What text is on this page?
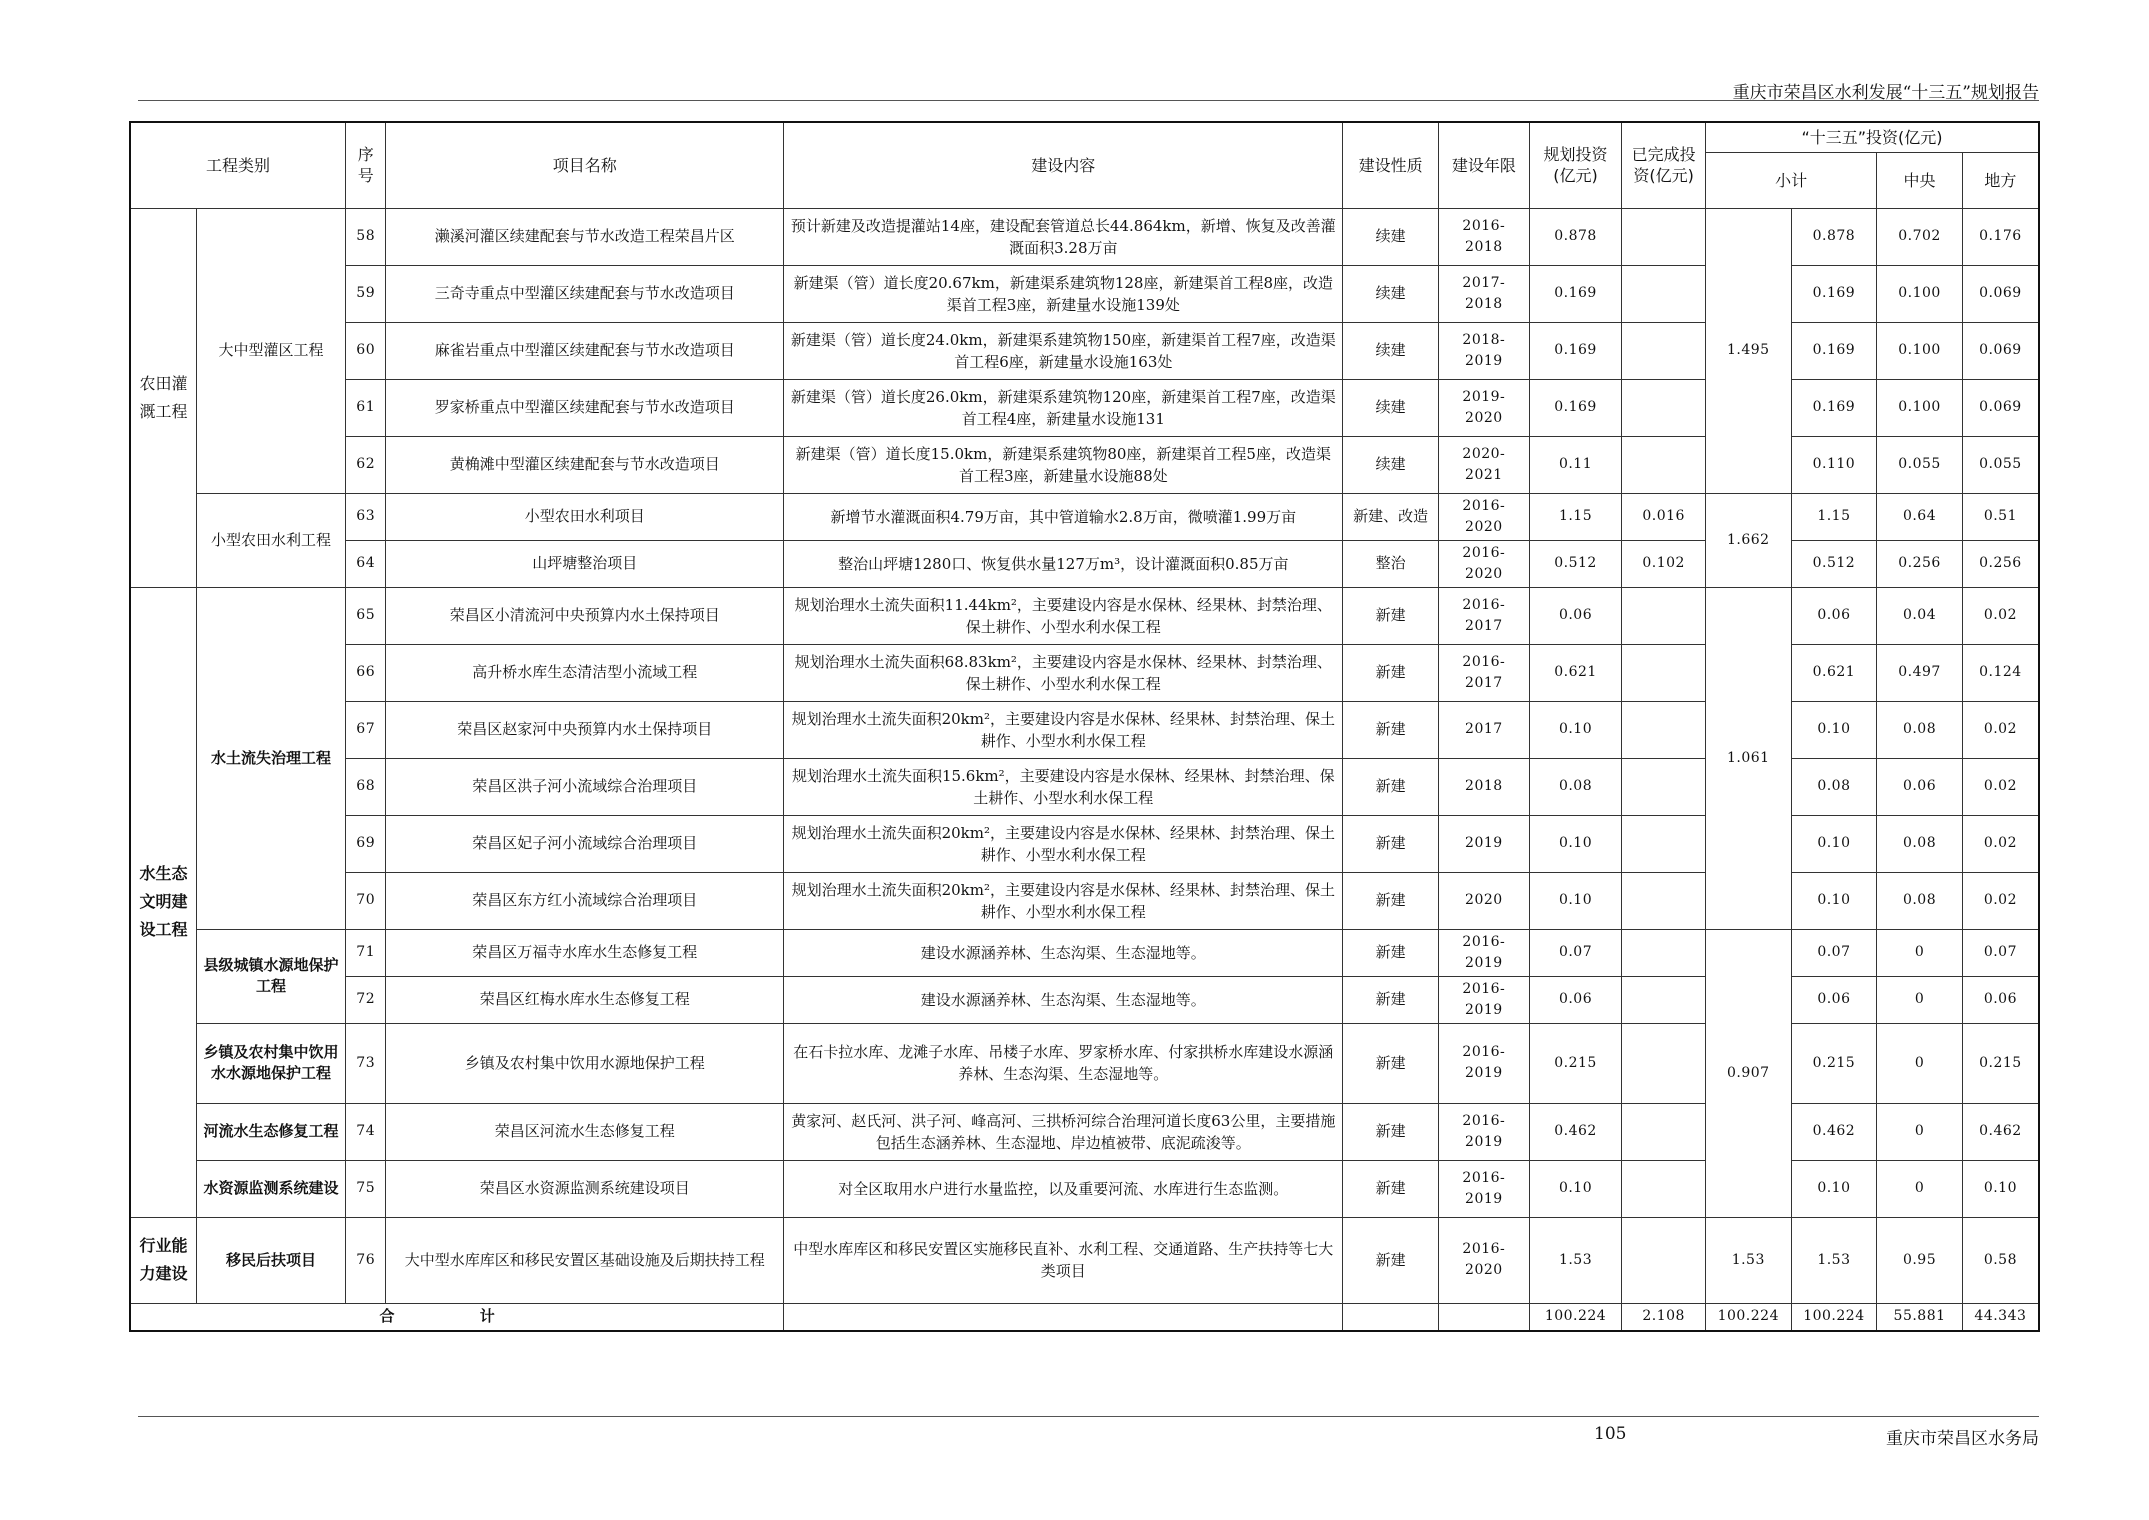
重庆市荣昌区水利发展“十三五”规划报告
工程类别		序号	项目名称	建设内容	建设性质	建设年限	规划投资(亿元)	已完成投资(亿元)	“十三五”投资(亿元)			
									小计		中央	地方
农田灌溉工程	大中型灌区工程	58	濑溪河灌区续建配套与节水改造工程荣昌片区	预计新建及改造提灌站14座，建设配套管道总长44.864km，新增、恢复及改善灌溉面积3.28万亩	续建	2016-2018	0.878		1.495	0.878	0.702	0.176
		59	三奇寺重点中型灌区续建配套与节水改造项目	新建渠（管）道长度20.67km，新建渠系建筑物128座，新建渠首工程8座，改造渠首工程3座，新建量水设施139处	续建	2017-2018	0.169			0.169	0.100	0.069
		60	麻雀岩重点中型灌区续建配套与节水改造项目	新建渠（管）道长度24.0km，新建渠系建筑物150座，新建渠首工程7座，改造渠首工程6座，新建量水设施163处	续建	2018-2019	0.169			0.169	0.100	0.069
		61	罗家桥重点中型灌区续建配套与节水改造项目	新建渠（管）道长度26.0km，新建渠系建筑物120座，新建渠首工程7座，改造渠首工程4座，新建量水设施131	续建	2019-2020	0.169			0.169	0.100	0.069
		62	黄桷滩中型灌区续建配套与节水改造项目	新建渠（管）道长度15.0km，新建渠系建筑物80座，新建渠首工程5座，改造渠首工程3座，新建量水设施88处	续建	2020-2021	0.11			0.110	0.055	0.055
	小型农田水利工程	63	小型农田水利项目	新增节水灌溉面积4.79万亩，其中管道输水2.8万亩，微喷灌1.99万亩	新建、改造	2016-2020	1.15	0.016	1.662	1.15	0.64	0.51
		64	山坪塘整治项目	整治山坪塘1280口、恢复供水量127万m³，设计灌溉面积0.85万亩	整治	2016-2020	0.512	0.102		0.512	0.256	0.256
水生态文明建设工程	水土流失治理工程	65	荣昌区小清流河中央预算内水土保持项目	规划治理水土流失面积11.44km²，主要建设内容是水保林、经果林、封禁治理、保土耕作、小型水利水保工程	新建	2016-2017	0.06		1.061	0.06	0.04	0.02
		66	高升桥水库生态清洁型小流域工程	规划治理水土流失面积68.83km²，主要建设内容是水保林、经果林、封禁治理、保土耕作、小型水利水保工程	新建	2016-2017	0.621			0.621	0.497	0.124
		67	荣昌区赵家河中央预算内水土保持项目	规划治理水土流失面积20km²，主要建设内容是水保林、经果林、封禁治理、保土耕作、小型水利水保工程	新建	2017	0.10			0.10	0.08	0.02
		68	荣昌区洪子河小流域综合治理项目	规划治理水土流失面积15.6km²，主要建设内容是水保林、经果林、封禁治理、保土耕作、小型水利水保工程	新建	2018	0.08			0.08	0.06	0.02
		69	荣昌区妃子河小流域综合治理项目	规划治理水土流失面积20km²，主要建设内容是水保林、经果林、封禁治理、保土耕作、小型水利水保工程	新建	2019	0.10			0.10	0.08	0.02
		70	荣昌区东方红小流域综合治理项目	规划治理水土流失面积20km²，主要建设内容是水保林、经果林、封禁治理、保土耕作、小型水利水保工程	新建	2020	0.10			0.10	0.08	0.02
	县级城镇水源地保护工程	71	荣昌区万福寺水库水生态修复工程	建设水源涵养林、生态沟渠、生态湿地等。	新建	2016-2019	0.07		0.907	0.07	0	0.07
		72	荣昌区红梅水库水生态修复工程	建设水源涵养林、生态沟渠、生态湿地等。	新建	2016-2019	0.06			0.06	0	0.06
	乡镇及农村集中饮用水水源地保护工程	73	乡镇及农村集中饮用水源地保护工程	在石卡拉水库、龙滩子水库、吊楼子水库、罗家桥水库、付家拱桥水库建设水源涵养林、生态沟渠、生态湿地等。	新建	2016-2019	0.215			0.215	0	0.215
	河流水生态修复工程	74	荣昌区河流水生态修复工程	黄家河、赵氏河、洪子河、峰高河、三拱桥河综合治理河道长度63公里，主要措施包括生态涵养林、生态湿地、岸边植被带、底泥疏浚等。	新建	2016-2019	0.462			0.462	0	0.462
	水资源监测系统建设	75	荣昌区水资源监测系统建设项目	对全区取用水户进行水量监控，以及重要河流、水库进行生态监测。	新建	2016-2019	0.10			0.10	0	0.10
行业能力建设	移民后扶项目	76	大中型水库库区和移民安置区基础设施及后期扶持工程	中型水库库区和移民安置区实施移民直补、水利工程、交通道路、生产扶持等七大类项目	新建	2016-2020	1.53		1.53	1.53	0.95	0.58
合 计							100.224	2.108	100.224	100.224	55.881	44.343
105	重庆市荣昌区水务局
